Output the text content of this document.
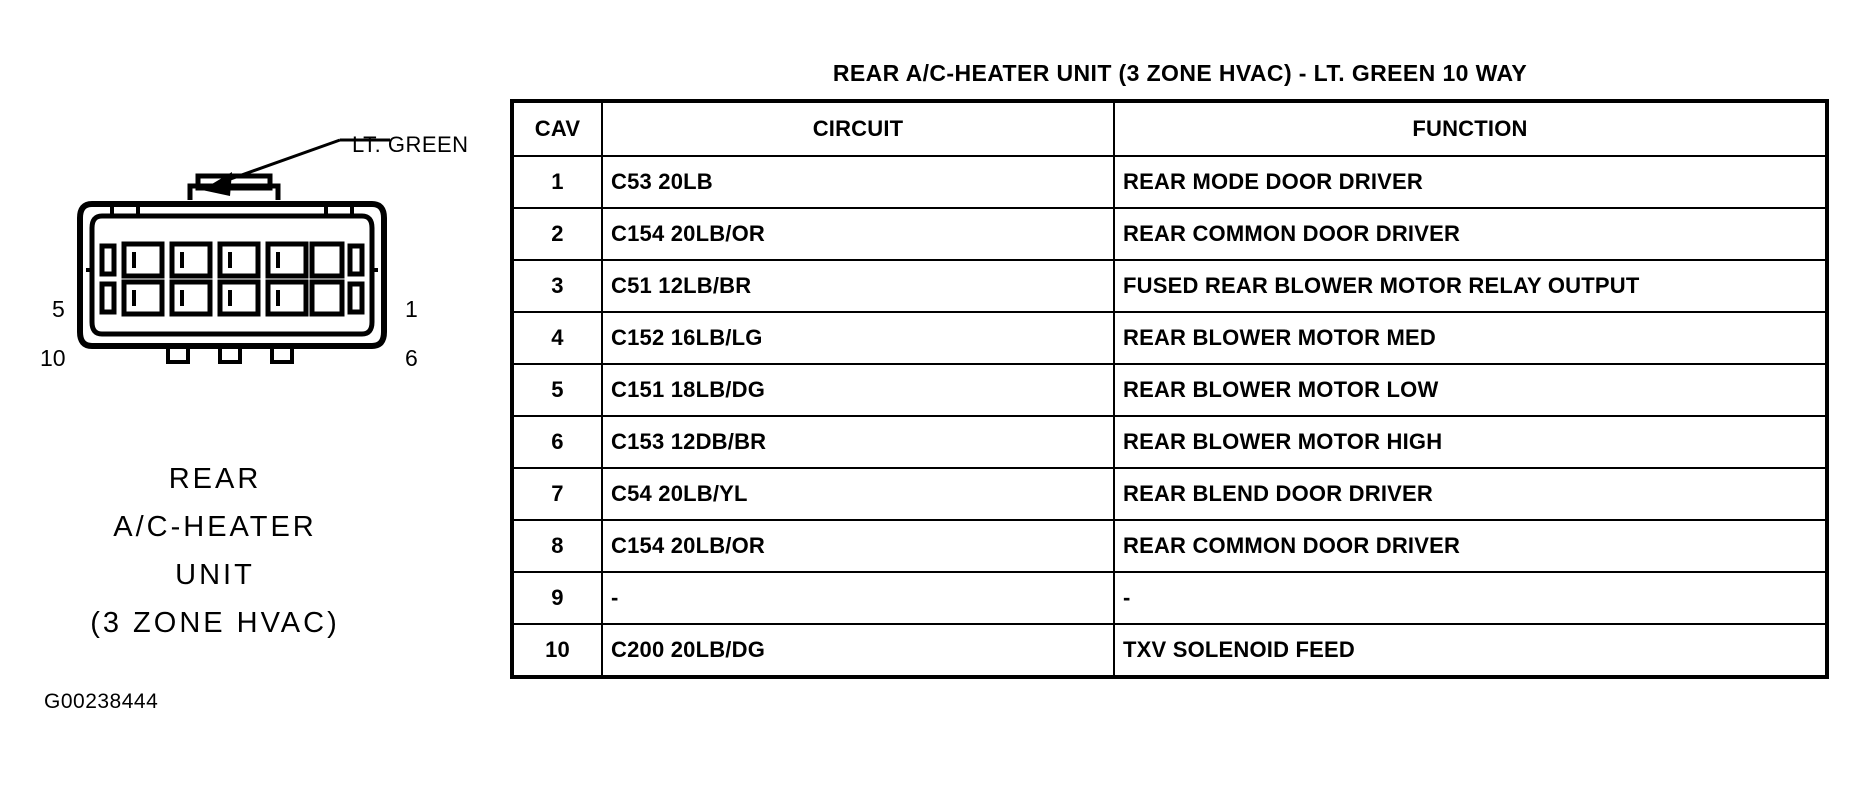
LT. GREEN
5
10
1
6
REAR
A/C-HEATER
UNIT
(3 ZONE HVAC)
G00238444
REAR A/C-HEATER UNIT (3 ZONE HVAC) - LT. GREEN 10 WAY
CAV	CIRCUIT	FUNCTION
1	C53 20LB	REAR MODE DOOR DRIVER
2	C154 20LB/OR	REAR COMMON DOOR DRIVER
3	C51 12LB/BR	FUSED REAR BLOWER MOTOR RELAY OUTPUT
4	C152 16LB/LG	REAR BLOWER MOTOR MED
5	C151 18LB/DG	REAR BLOWER MOTOR LOW
6	C153 12DB/BR	REAR BLOWER MOTOR HIGH
7	C54 20LB/YL	REAR BLEND DOOR DRIVER
8	C154 20LB/OR	REAR COMMON DOOR DRIVER
9	-	-
10	C200 20LB/DG	TXV SOLENOID FEED
